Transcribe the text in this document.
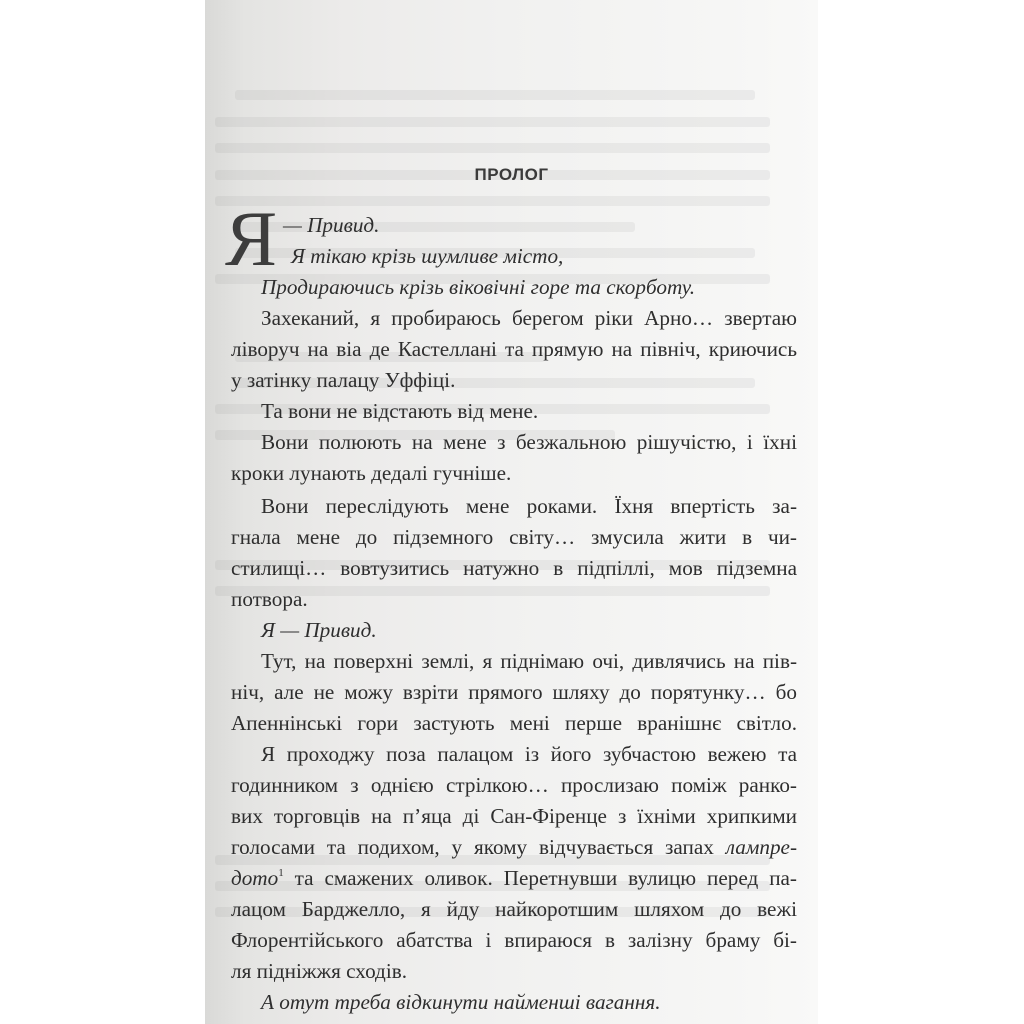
ПРОЛОГ
Я — Привид.
Я тікаю крізь шумливе місто,
Продираючись крізь віковічні горе та скорботу.
Захеканий, я пробираюсь берегом ріки Арно… звертаю
ліворуч на віа де Кастеллані та прямую на північ, криючись
у затінку палацу Уффіці.
Та вони не відстають від мене.
Вони полюють на мене з безжальною рішучістю, і їхні
кроки лунають дедалі гучніше.
Вони переслідують мене роками. Їхня впертість за-
гнала мене до підземного світу… змусила жити в чи-
стилищі… вовтузитись натужно в підпіллі, мов підземна
потвора.
Я — Привид.
Тут, на поверхні землі, я піднімаю очі, дивлячись на пів-
ніч, але не можу взріти прямого шляху до порятунку… бо
Апеннінські гори застують мені перше вранішнє світло.
Я проходжу поза палацом із його зубчастою вежею та
годинником з однією стрілкою… прослизаю поміж ранко-
вих торговців на п’яца ді Сан-Фіренце з їхніми хрипкими
голосами та подихом, у якому відчувається запах лампре-
дото$^1$ та смажених оливок. Перетнувши вулицю перед па-
лацом Барджелло, я йду найкоротшим шляхом до вежі
Флорентійського абатства і впираюся в залізну браму бі-
ля підніжжя сходів.
А отут треба відкинути найменші вагання.
